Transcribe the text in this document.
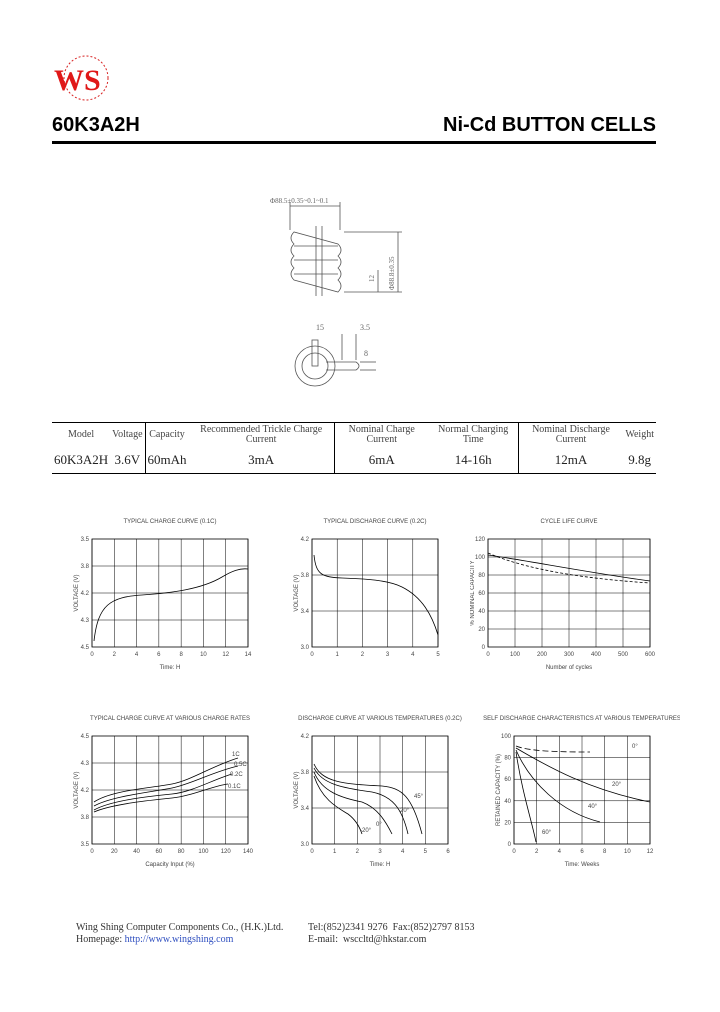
WS
60K3A2H	Ni-Cd BUTTON CELLS
Φ88.5±0.35~0.1~0.1
Φ88.8±0.35
12
15	3.5
8
Model	Voltage	Capacity	Recommended Trickle Charge Current	Nominal Charge Current	Normal Charging Time	Nominal Discharge Current	Weight
60K3A2H	3.6V	60mAh	3mA	6mA	14-16h	12mA	9.8g
TYPICAL CHARGE CURVE (0.1C)
0	2	4	6	8	10	12	14
3.5
3.8
4.2
4.3
4.5
Time: H
VOLTAGE (V)
TYPICAL DISCHARGE CURVE (0.2C)
0	1	2	3	4	5
4.2
3.8
3.4
3.0
VOLTAGE (V)
CYCLE LIFE CURVE
0	100	200	300	400	500	600
120
100
80
60
40
20
0
Number of cycles
% NOMINAL CAPACITY
TYPICAL CHARGE CURVE AT VARIOUS CHARGE RATES
0	20	40	60	80 100 120 140
4.5
4.3
4.2
3.8
3.5
Capacity Input (%)
VOLTAGE (V)
1C
0.5C
0.2C
0.1C
DISCHARGE CURVE AT VARIOUS TEMPERATURES (0.2C)
0	1	2	3	4	5	6
4.2
3.8
3.4
3.0
Time: H
VOLTAGE (V)	45°
20°
0°
-20°
SELF DISCHARGE CHARACTERISTICS AT VARIOUS TEMPERATURES
0	2	4	6	8	10	12
100
80
60
40
20
0
Time: Weeks
RETAINED CAPACITY (%)
0°
20°
40°
60°
Wing Shing Computer Components Co., (H.K.)Ltd.
Homepage: http://www.wingshing.com
Tel:(852)2341 9276 Fax:(852)2797 8153
E-mail: wsccltd@hkstar.com
